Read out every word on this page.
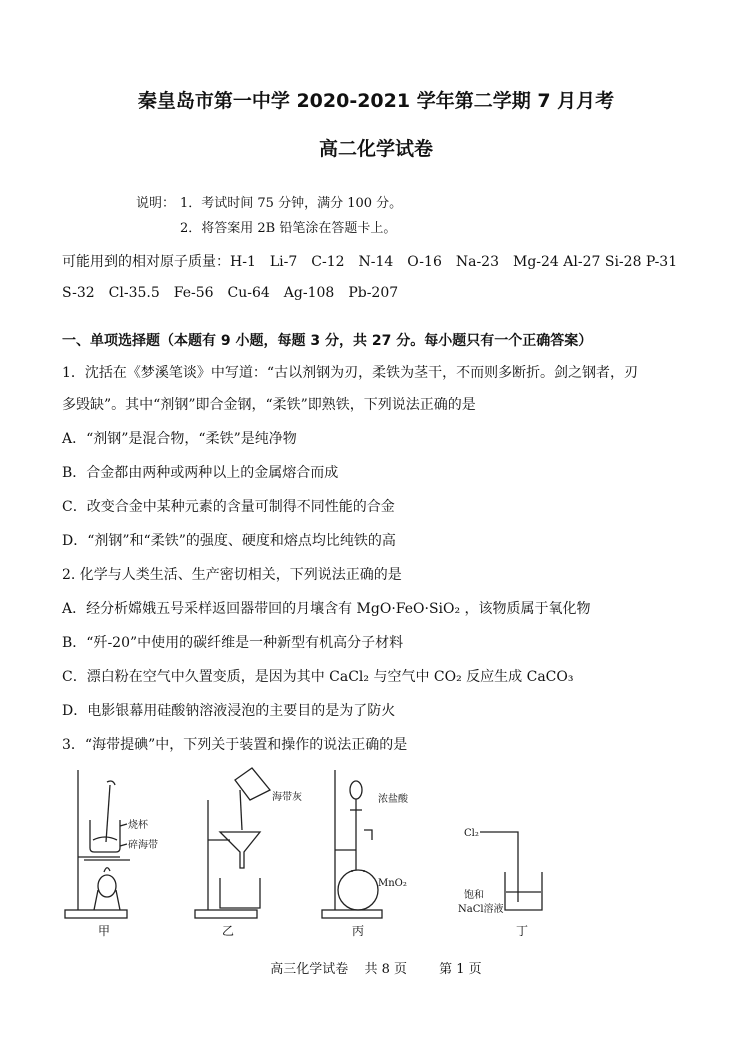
秦皇岛市第一中学 2020-2021 学年第二学期 7 月月考
高二化学试卷
说明： 1．考试时间 75 分钟，满分 100 分。
2．将答案用 2B 铅笔涂在答题卡上。
可能用到的相对原子质量：H-1　Li-7　C-12　N-14　O-16　Na-23　Mg-24 Al-27 Si-28 P-31
S-32　Cl-35.5　Fe-56　Cu-64　Ag-108　Pb-207
一、单项选择题（本题有 9 小题，每题 3 分，共 27 分。每小题只有一个正确答案）
1．沈括在《梦溪笔谈》中写道：“古以剂钢为刃，柔铁为茎干，不而则多断折。剑之钢者，刃
多毁缺”。其中“剂钢”即合金钢，“柔铁”即熟铁，下列说法正确的是
A．“剂钢”是混合物，“柔铁”是纯净物
B．合金都由两种或两种以上的金属熔合而成
C．改变合金中某种元素的含量可制得不同性能的合金
D．“剂钢”和“柔铁”的强度、硬度和熔点均比纯铁的高
2. 化学与人类生活、生产密切相关，下列说法正确的是
A．经分析嫦娥五号采样返回器带回的月壤含有 MgO·FeO·SiO₂ ，该物质属于氧化物
B．“歼-20”中使用的碳纤维是一种新型有机高分子材料
C．漂白粉在空气中久置变质，是因为其中 CaCl₂ 与空气中 CO₂ 反应生成 CaCO₃
D．电影银幕用硅酸钠溶液浸泡的主要目的是为了防火
3．“海带提碘”中，下列关于装置和操作的说法正确的是
烧杯
碎海带
甲
海带灰
乙
浓盐酸
MnO₂
丙
Cl₂
饱和
NaCl溶液
丁
高三化学试卷 共 8 页 第 1 页
